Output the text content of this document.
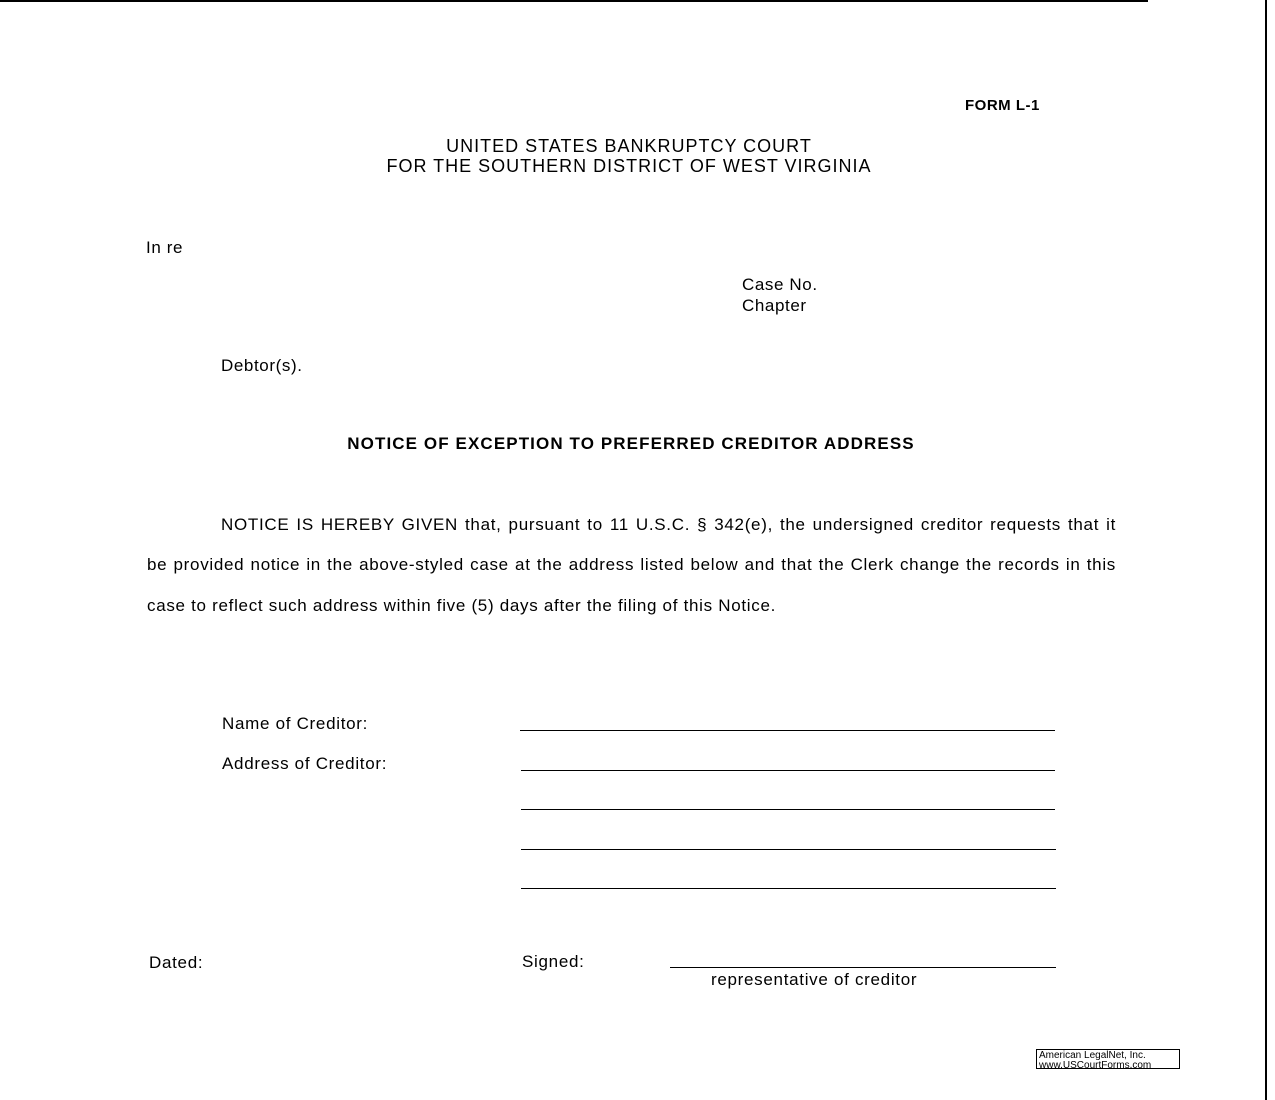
FORM L-1
UNITED STATES BANKRUPTCY COURT
FOR THE SOUTHERN DISTRICT OF WEST VIRGINIA
In re
Case No.
Chapter
Debtor(s).
NOTICE OF EXCEPTION TO PREFERRED CREDITOR ADDRESS

NOTICE IS HEREBY GIVEN that, pursuant to 11 U.S.C. § 342(e), the undersigned creditor requests that it be provided notice in the above-styled case at the address listed below and that the Clerk change the records in this case to reflect such address within five (5) days after the filing of this Notice.

Name of Creditor:
Address of Creditor:
Dated:	Signed:
representative of creditor
American LegalNet, Inc.
www.USCourtForms.com
